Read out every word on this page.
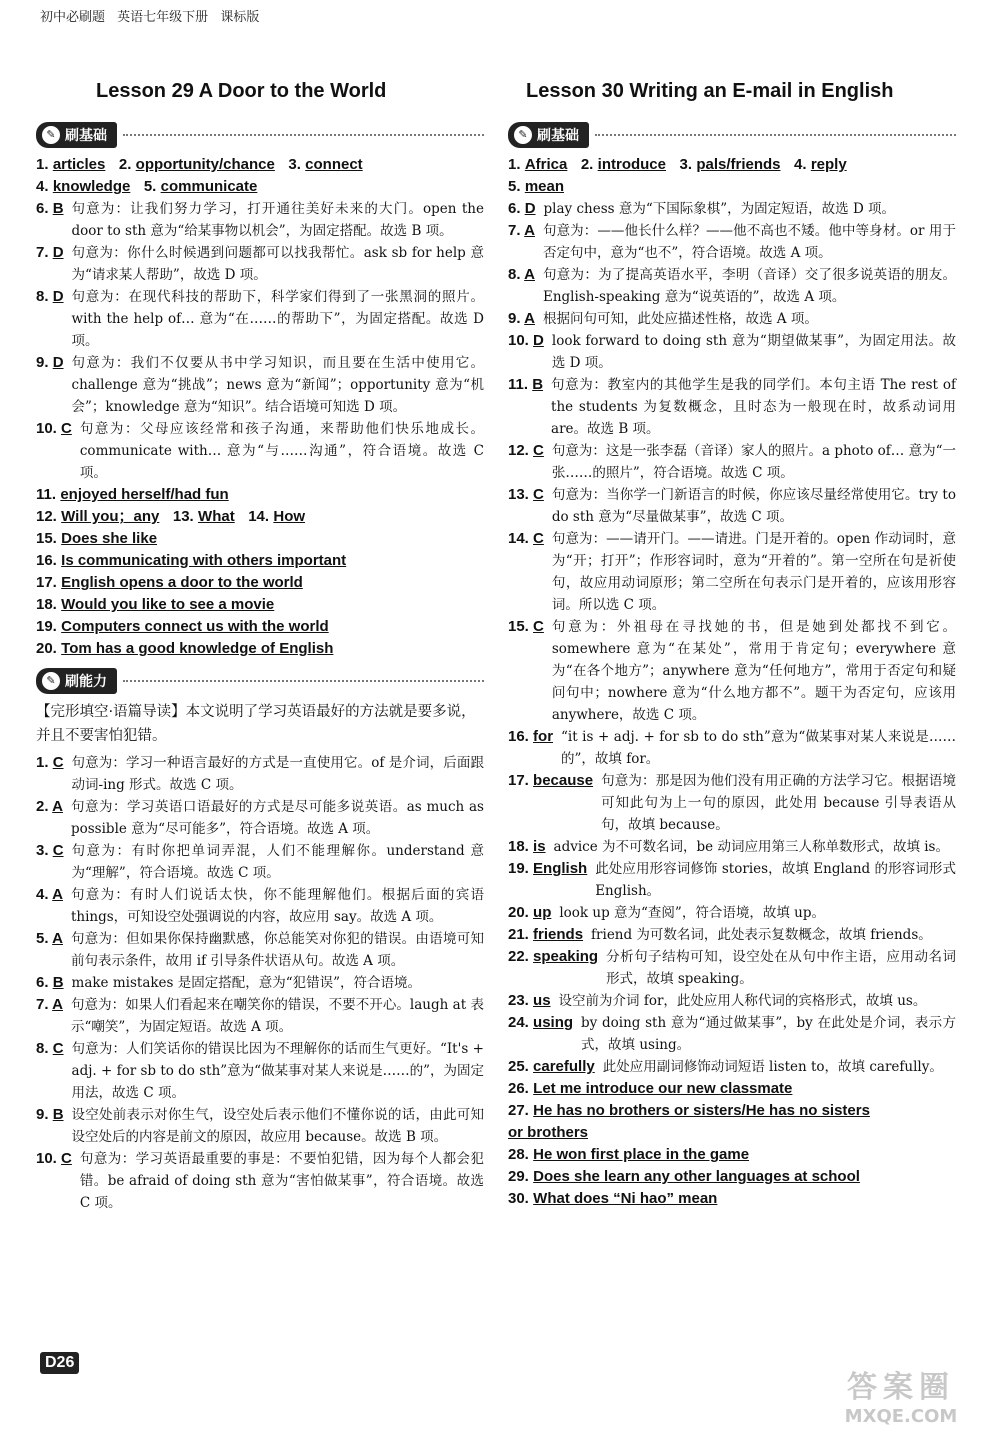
初中必刷题 英语七年级下册 课标版
Lesson 29 A Door to the World	Lesson 30 Writing an E-mail in English
✎ 刷基础
1. articles  2. opportunity/chance  3. connect
4. knowledge  5. communicate
6. B 句意为：让我们努力学习，打开通往美好未来的大门。open the door to sth 意为“给某事物以机会”，为固定搭配。故选 B 项。
7. D 句意为：你什么时候遇到问题都可以找我帮忙。ask sb for help 意为“请求某人帮助”，故选 D 项。
8. D 句意为：在现代科技的帮助下，科学家们得到了一张黑洞的照片。with the help of… 意为“在……的帮助下”，为固定搭配。故选 D 项。
9. D 句意为：我们不仅要从书中学习知识，而且要在生活中使用它。challenge 意为“挑战”；news 意为“新闻”；opportunity 意为“机会”；knowledge 意为“知识”。结合语境可知选 D 项。
10. C 句意为：父母应该经常和孩子沟通，来帮助他们快乐地成长。communicate with… 意为“与……沟通”，符合语境。故选 C 项。
11. enjoyed herself/had fun
12. Will you；any  13. What  14. How
15. Does she like
16. Is communicating with others important
17. English opens a door to the world
18. Would you like to see a movie
19. Computers connect us with the world
20. Tom has a good knowledge of English
✎ 刷能力
【完形填空·语篇导读】本文说明了学习英语最好的方法就是要多说，并且不要害怕犯错。
1. C 句意为：学习一种语言最好的方式是一直使用它。of 是介词，后面跟动词-ing 形式。故选 C 项。
2. A 句意为：学习英语口语最好的方式是尽可能多说英语。as much as possible 意为“尽可能多”，符合语境。故选 A 项。
3. C 句意为：有时你把单词弄混，人们不能理解你。understand 意为“理解”，符合语境。故选 C 项。
4. A 句意为：有时人们说话太快，你不能理解他们。根据后面的宾语 things，可知设空处强调说的内容，故应用 say。故选 A 项。
5. A 句意为：但如果你保持幽默感，你总能笑对你犯的错误。由语境可知前句表示条件，故用 if 引导条件状语从句。故选 A 项。
6. B make mistakes 是固定搭配，意为“犯错误”，符合语境。
7. A 句意为：如果人们看起来在嘲笑你的错误，不要不开心。laugh at 表示“嘲笑”，为固定短语。故选 A 项。
8. C 句意为：人们笑话你的错误比因为不理解你的话而生气更好。“It's + adj. + for sb to do sth”意为“做某事对某人来说是……的”，为固定用法，故选 C 项。
9. B 设空处前表示对你生气，设空处后表示他们不懂你说的话，由此可知设空处后的内容是前文的原因，故应用 because。故选 B 项。
10. C 句意为：学习英语最重要的事是：不要怕犯错，因为每个人都会犯错。be afraid of doing sth 意为“害怕做某事”，符合语境。故选 C 项。
✎ 刷基础
1. Africa  2. introduce  3. pals/friends  4. reply
5. mean
6. D play chess 意为“下国际象棋”，为固定短语，故选 D 项。
7. A 句意为：——他长什么样？——他不高也不矮。他中等身材。or 用于否定句中，意为“也不”，符合语境。故选 A 项。
8. A 句意为：为了提高英语水平，李明（音译）交了很多说英语的朋友。English-speaking 意为“说英语的”，故选 A 项。
9. A 根据问句可知，此处应描述性格，故选 A 项。
10. D look forward to doing sth 意为“期望做某事”，为固定用法。故选 D 项。
11. B 句意为：教室内的其他学生是我的同学们。本句主语 The rest of the students 为复数概念，且时态为一般现在时，故系动词用 are。故选 B 项。
12. C 句意为：这是一张李磊（音译）家人的照片。a photo of… 意为“一张……的照片”，符合语境。故选 C 项。
13. C 句意为：当你学一门新语言的时候，你应该尽量经常使用它。try to do sth 意为“尽量做某事”，故选 C 项。
14. C 句意为：——请开门。——请进。门是开着的。open 作动词时，意为“开；打开”；作形容词时，意为“开着的”。第一空所在句是祈使句，故应用动词原形；第二空所在句表示门是开着的，应该用形容词。所以选 C 项。
15. C 句意为：外祖母在寻找她的书，但是她到处都找不到它。somewhere 意为“在某处”，常用于肯定句；everywhere 意为“在各个地方”；anywhere 意为“任何地方”，常用于否定句和疑问句中；nowhere 意为“什么地方都不”。题干为否定句，应该用 anywhere，故选 C 项。
16. for “it is + adj. + for sb to do sth”意为“做某事对某人来说是……的”，故填 for。
17. because 句意为：那是因为他们没有用正确的方法学习它。根据语境可知此句为上一句的原因，此处用 because 引导表语从句，故填 because。
18. is advice 为不可数名词，be 动词应用第三人称单数形式，故填 is。
19. English 此处应用形容词修饰 stories，故填 England 的形容词形式 English。
20. up look up 意为“查阅”，符合语境，故填 up。
21. friends friend 为可数名词，此处表示复数概念，故填 friends。
22. speaking 分析句子结构可知，设空处在从句中作主语，应用动名词形式，故填 speaking。
23. us 设空前为介词 for，此处应用人称代词的宾格形式，故填 us。
24. using by doing sth 意为“通过做某事”，by 在此处是介词，表示方式，故填 using。
25. carefully 此处应用副词修饰动词短语 listen to，故填 carefully。
26. Let me introduce our new classmate
27. He has no brothers or sisters/He has no sisters
or brothers
28. He won first place in the game
29. Does she learn any other languages at school
30. What does “Ni hao” mean
D26
答案圈
MXQE.COM
